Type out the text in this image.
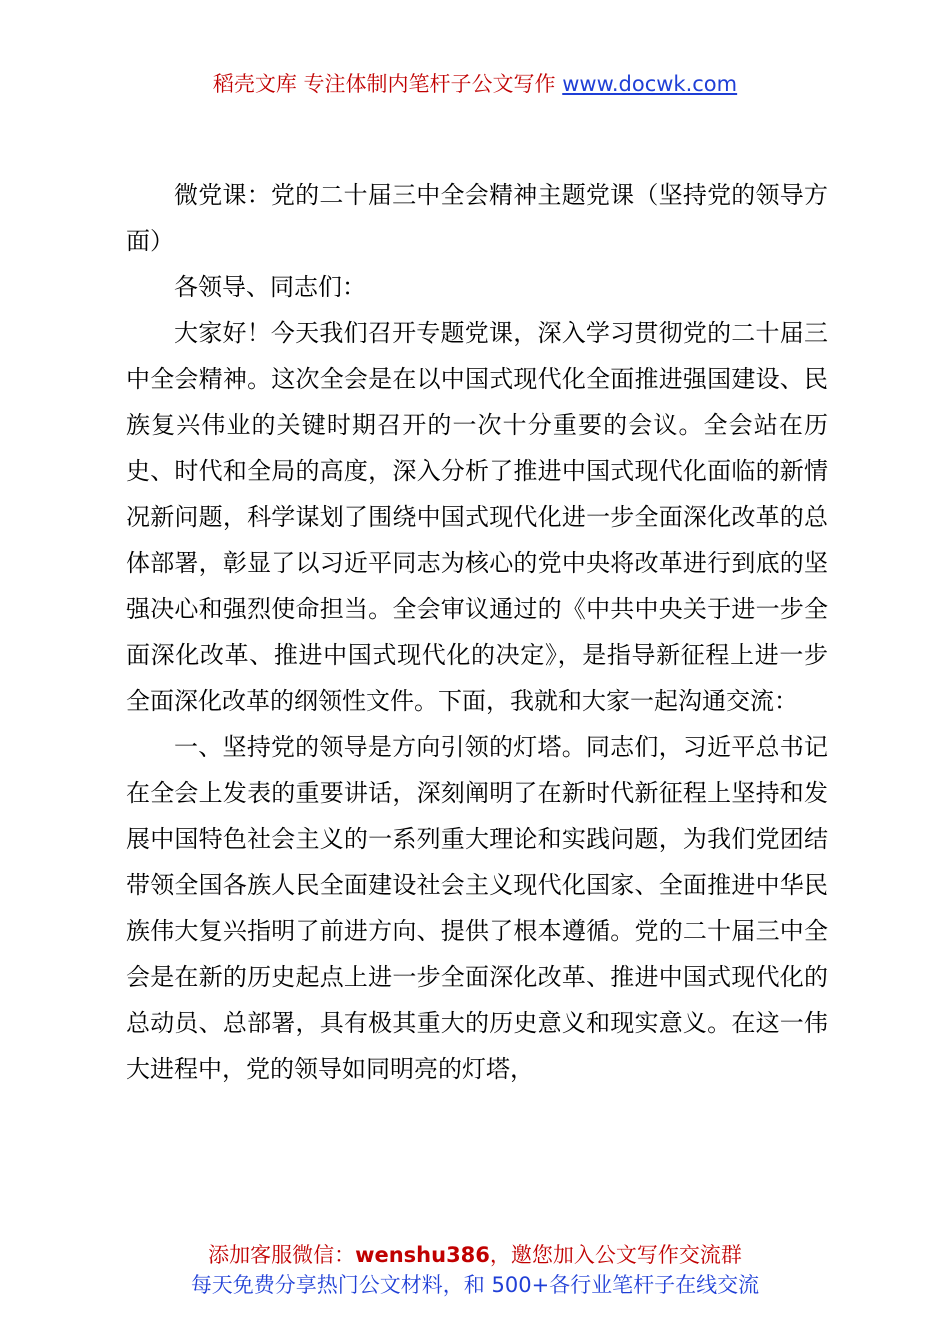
稻壳文库 专注体制内笔杆子公文写作 www.docwk.com

微党课：党的二十届三中全会精神主题党课（坚持党的领导方面）

各领导、同志们：

大家好！今天我们召开专题党课，深入学习贯彻党的二十届三中全会精神。这次全会是在以中国式现代化全面推进强国建设、民族复兴伟业的关键时期召开的一次十分重要的会议。全会站在历史、时代和全局的高度，深入分析了推进中国式现代化面临的新情况新问题，科学谋划了围绕中国式现代化进一步全面深化改革的总体部署，彰显了以习近平同志为核心的党中央将改革进行到底的坚强决心和强烈使命担当。全会审议通过的《中共中央关于进一步全面深化改革、推进中国式现代化的决定》，是指导新征程上进一步全面深化改革的纲领性文件。下面，我就和大家一起沟通交流：

一、坚持党的领导是方向引领的灯塔。同志们，习近平总书记在全会上发表的重要讲话，深刻阐明了在新时代新征程上坚持和发展中国特色社会主义的一系列重大理论和实践问题，为我们党团结带领全国各族人民全面建设社会主义现代化国家、全面推进中华民族伟大复兴指明了前进方向、提供了根本遵循。党的二十届三中全会是在新的历史起点上进一步全面深化改革、推进中国式现代化的总动员、总部署，具有极其重大的历史意义和现实意义。在这一伟大进程中，党的领导如同明亮的灯塔，

添加客服微信：wenshu386，邀您加入公文写作交流群
每天免费分享热门公文材料，和 500+各行业笔杆子在线交流
